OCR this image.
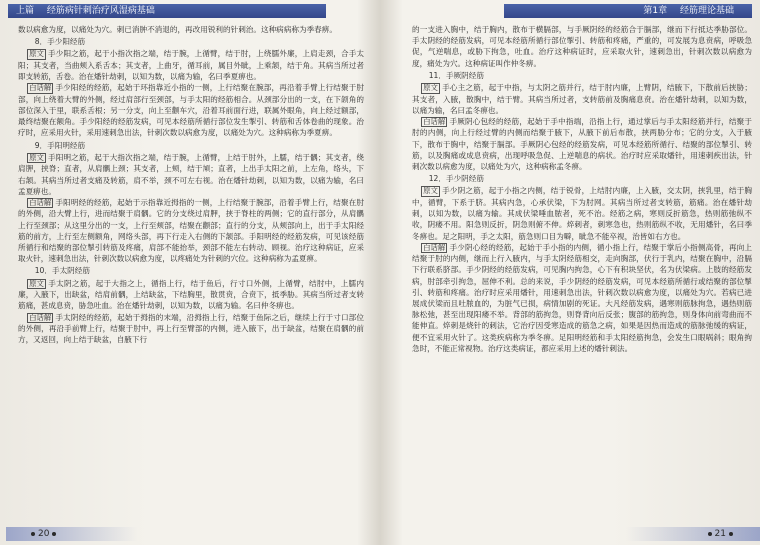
上篇 经筋病针刺治疗风湿病基础

数以病愈为度，以痛处为穴。刺已消肿不消退的，再改用锐利的针刺治。这种病病称为季春痹。

8．手少阳经筋

原文 手少阳之筋，起于小指次指之端，结于腕，上循臂，结于肘，上绕臑外廉，上肩走颈，合手太阳；其支者，当曲颊入系舌本；其支者，上曲牙，循耳前，属目外眦，上乘颔，结于角。其病当所过者即支转筋，舌卷。治在燔针劫刺，以知为数，以痛为输，名曰季夏痹也。

白话解 手少阳经的经筋，起始于环指靠近小指的一侧，上行结聚在腕部，再沿着手臂上行结聚于肘部，向上绕着大臂的外侧，经过肩部行至颈部，与手太阳的经筋相合。从颈部分出的一支，在下颌角的部位深入于里，联系舌根；另一分支，向上至颧车穴，沿着耳前面行进，联属外眼角，向上经过额部，最终结聚在额角。手少阳经的经筋发病，可见本经筋所循行部位发生掣引、转筋和舌体卷曲的现象。治疗时，应采用火针，采用速刺急出法，针刺次数以病愈为度，以痛处为穴。这种病称为季夏痹。

9．手阳明经筋

原文 手阳明之筋，起于大指次指之端，结于腕，上循臂，上结于肘外，上臑，结于髃；其支者，绕肩胛，挟脊；直者，从肩髃上颈；其支者，上颊，结于頄；直者，上出手太阳之前，上左角，络头，下右颔。其病当所过者支痛及转筋，肩不举，颈不可左右视。治在燔针劫刺，以知为数，以痛为输，名曰孟夏痹也。

白话解 手阳明经的经筋，起始于示指靠近拇指的一侧，上行结聚于腕部，沿着手臂上行，结聚在肘的外侧，沿大臂上行，进而结聚于肩髃。它的分支绕过肩胛，挟于脊柱的两侧；它的直行部分，从肩髃上行至颈部；从这里分出的一支，上行至颊部，结聚在颧部；直行的分支，从颊部向上，出于手太阳经筋的前方，上行至左侧额角，网络头部，再下行走入右侧的下颔部。手阳明经的经筋发病，可见该经筋所循行和结聚的部位掣引转筋及疼痛，肩部不能抬举，颈部不能左右转动、顾视。治疗这种病证，应采取火针，速刺急出法，针刺次数以病愈为度，以疼痛处为针刺的穴位。这种病称为孟夏痹。

10．手太阴经筋

原文 手太阴之筋，起于大指之上，循指上行，结于鱼后，行寸口外侧，上循臂，结肘中，上臑内廉，入腋下，出缺盆，结肩前髃，上结缺盆，下结胸里，散贯贲，合贲下，抵季胁。其病当所过者支转筋痛，甚成息贲，胁急吐血。治在燔针劫刺，以知为数，以痛为输。名曰仲冬痹也。

白话解 手太阴经的经筋，起始于拇指的末端，沿拇指上行，结聚于鱼际之后，继续上行于寸口部位的外侧，再沿手前臂上行，结聚于肘中，再上行至臂部的内侧，进入腋下，出于缺盆，结聚在肩髃的前方，又返回，向上结于缺盆，自腋下行

20
第1章 经筋理论基础

的一支进入胸中，结于胸内，散布于横膈部，与手厥阴经的经筋合于膈部，继而下行抵达季胁部位。手太阴经的经筋发病，可见本经筋所循行部位掣引、转筋和疼痛，严重的，可发展为息贲病，呼吸急促，气逆喘息，或胁下拘急，吐血。治疗这种病证时，应采取火针，速刺急出，针刺次数以病愈为度，痛处为穴。这种病证叫作仲冬痹。

11．手厥阴经筋

原文 手心主之筋，起于中指，与太阴之筋并行，结于肘内廉，上臂阴，结腋下，下散前后挟胁；其支者，入腋，散胸中，结于臂。其病当所过者，支转筋前及胸痛息贲。治在燔针劫刺，以知为数，以痛为输，名曰孟冬痹也。

白话解 手厥阴心包经的经筋，起始于手中指端，沿指上行，通过掌后与手太阳经筋并行，结聚于肘的内侧，向上行经过臂的内侧而结聚于腋下，从腋下前后布散，挟两胁分布；它的分支，入于腋下，散布于胸中，结聚于膈部。手厥阴心包经的经筋发病，可见本经筋所循行、结聚的部位掣引、转筋，以及胸痛或成息贲病，出现呼吸急促、上逆喘息的病状。治疗时应采取燔针，用速刺疾出法，针刺次数以病愈为度，以痛处为穴，这种病称孟冬痹。

12．手少阴经筋

原文 手少阴之筋，起于小指之内侧，结于锐骨，上结肘内廉，上入腋，交太阴，挟乳里，结于胸中，循臂，下系于脐。其病内急，心承伏梁，下为肘网。其病当所过者支转筋，筋痛。治在燔针劫刺，以知为数，以痛为输。其成伏梁唾血脓者，死不治。经筋之病，寒则反折筋急，热则筋弛纵不收，阴痿不用。阳急则反折，阴急则俯不伸。焠刺者，刺寒急也，热则筋纵不收，无用燔针，名曰季冬痹也。足之阳明，手之太阳，筋急则口目为噼，眦急不能卒视，治皆如右方也。

白话解 手少阴心经的经筋，起始于手小指的内侧，循小指上行，结聚于掌后小指侧高骨，再向上结聚于肘的内侧，继而上行入腋内，与手太阴经筋相交，走向胸部，伏行于乳内，结聚在胸中，沿膈下行联系脐部。手少阴经的经筋发病，可见胸内拘急，心下有积块坚伏，名为伏梁病。上肢的经筋发病，肘部牵引拘急，屈伸不利。总的来说，手少阴经的经筋发病，可见本经筋所循行或结聚的部位掣引、转筋和疼痛。治疗时应采用燔针，用速刺急出法，针刺次数以病愈为度，以痛处为穴。若病已进展成伏梁而且吐脓血的，为脏气已损，病情加剧的死证。大凡经筋发病，遇寒则筋脉拘急，遇热则筋脉松弛，甚至出现阳痿不举。背部的筋拘急，则脊背向后反张；腹部的筋拘急，则身体向前弯曲而不能伸直。焠刺是烧针的刺法，它治疗因受寒造成的筋急之病，如果是因热而造成的筋脉弛缓的病证，便不宜采用火针了。这类疾病称为季冬痹。足阳明经筋和手太阳经筋拘急，会发生口眼㖞斜；眼角拘急时，不能正常视物。治疗这类病证，都应采用上述的燔针刺法。

21
